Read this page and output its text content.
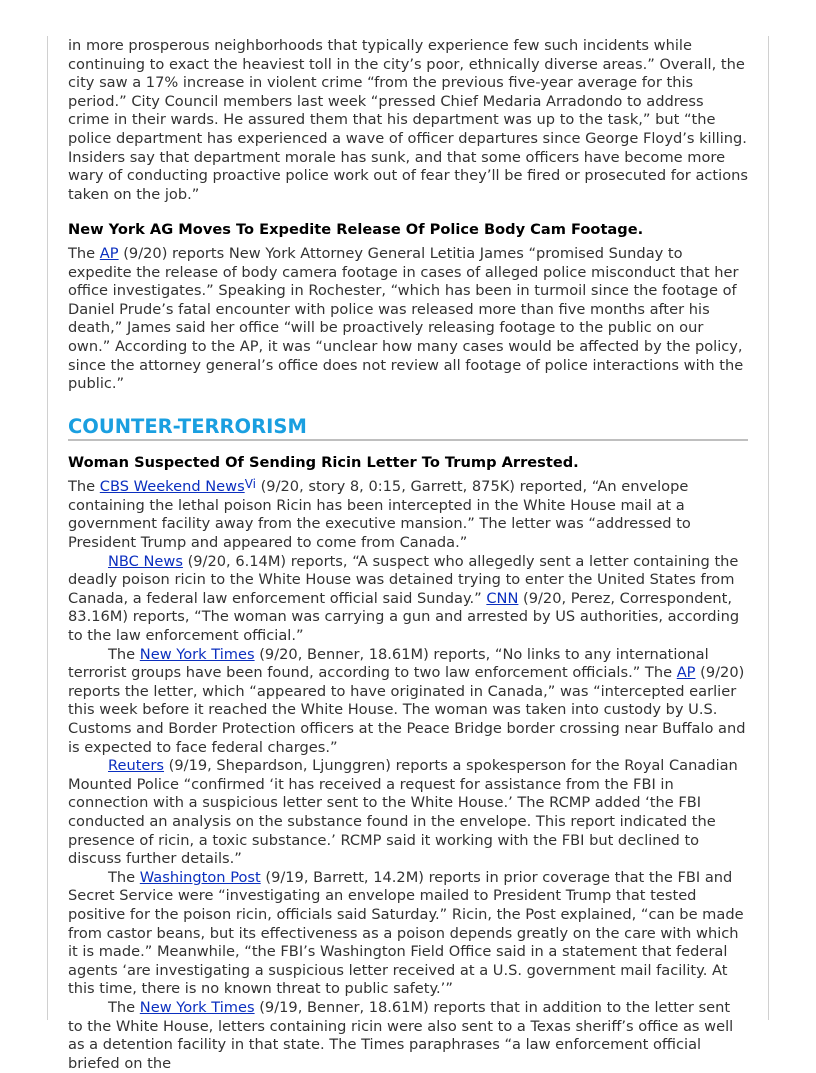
in more prosperous neighborhoods that typically experience few such incidents while continuing to exact the heaviest toll in the city’s poor, ethnically diverse areas.” Overall, the city saw a 17% increase in violent crime “from the previous five-year average for this period.” City Council members last week “pressed Chief Medaria Arradondo to address crime in their wards. He assured them that his department was up to the task,” but “the police department has experienced a wave of officer departures since George Floyd’s killing. Insiders say that department morale has sunk, and that some officers have become more wary of conducting proactive police work out of fear they’ll be fired or prosecuted for actions taken on the job.”

New York AG Moves To Expedite Release Of Police Body Cam Footage.

The AP (9/20) reports New York Attorney General Letitia James “promised Sunday to expedite the release of body camera footage in cases of alleged police misconduct that her office investigates.” Speaking in Rochester, “which has been in turmoil since the footage of Daniel Prude’s fatal encounter with police was released more than five months after his death,” James said her office “will be proactively releasing footage to the public on our own.” According to the AP, it was “unclear how many cases would be affected by the policy, since the attorney general’s office does not review all footage of police interactions with the public.”

COUNTER-TERRORISM
Woman Suspected Of Sending Ricin Letter To Trump Arrested.

The CBS Weekend News$^{Vi}$ (9/20, story 8, 0:15, Garrett, 875K) reported, “An envelope containing the lethal poison Ricin has been intercepted in the White House mail at a government facility away from the executive mansion.” The letter was “addressed to President Trump and appeared to come from Canada.”

NBC News (9/20, 6.14M) reports, “A suspect who allegedly sent a letter containing the deadly poison ricin to the White House was detained trying to enter the United States from Canada, a federal law enforcement official said Sunday.” CNN (9/20, Perez, Correspondent, 83.16M) reports, “The woman was carrying a gun and arrested by US authorities, according to the law enforcement official.”

The New York Times (9/20, Benner, 18.61M) reports, “No links to any international terrorist groups have been found, according to two law enforcement officials.” The AP (9/20) reports the letter, which “appeared to have originated in Canada,” was “intercepted earlier this week before it reached the White House. The woman was taken into custody by U.S. Customs and Border Protection officers at the Peace Bridge border crossing near Buffalo and is expected to face federal charges.”

Reuters (9/19, Shepardson, Ljunggren) reports a spokesperson for the Royal Canadian Mounted Police “confirmed ‘it has received a request for assistance from the FBI in connection with a suspicious letter sent to the White House.’ The RCMP added ‘the FBI conducted an analysis on the substance found in the envelope. This report indicated the presence of ricin, a toxic substance.’ RCMP said it working with the FBI but declined to discuss further details.”

The Washington Post (9/19, Barrett, 14.2M) reports in prior coverage that the FBI and Secret Service were “investigating an envelope mailed to President Trump that tested positive for the poison ricin, officials said Saturday.” Ricin, the Post explained, “can be made from castor beans, but its effectiveness as a poison depends greatly on the care with which it is made.” Meanwhile, “the FBI’s Washington Field Office said in a statement that federal agents ‘are investigating a suspicious letter received at a U.S. government mail facility. At this time, there is no known threat to public safety.’”

The New York Times (9/19, Benner, 18.61M) reports that in addition to the letter sent to the White House, letters containing ricin were also sent to a Texas sheriff’s office as well as a detention facility in that state. The Times paraphrases “a law enforcement official briefed on the
